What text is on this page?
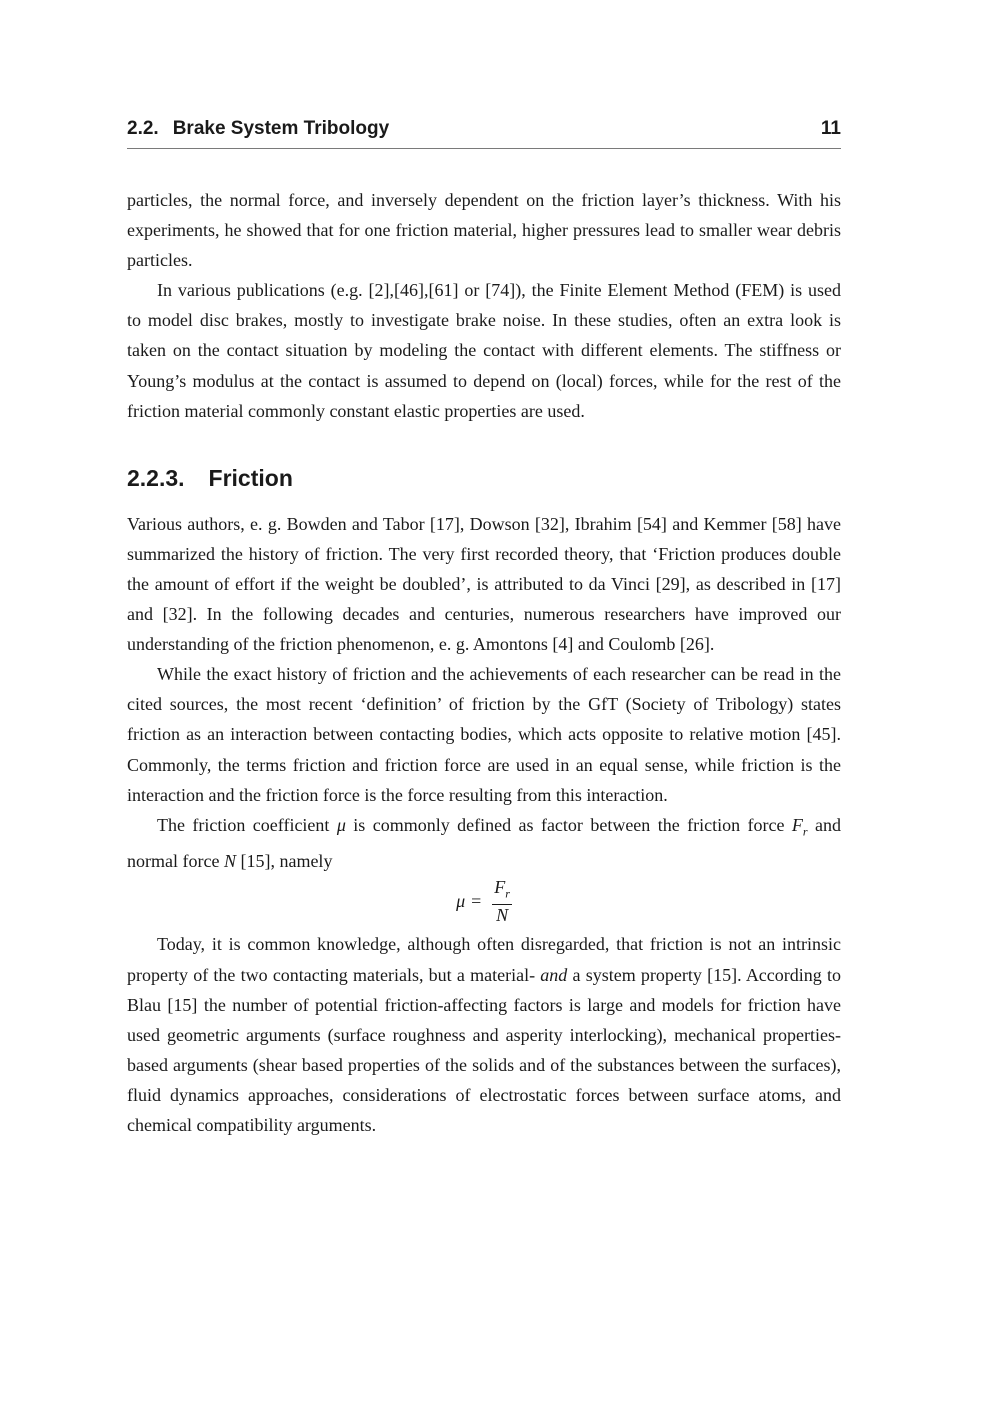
2.2. Brake System Tribology	11

particles, the normal force, and inversely dependent on the friction layer’s thickness. With his experiments, he showed that for one friction material, higher pressures lead to smaller wear debris particles.

In various publications (e.g. [2],[46],[61] or [74]), the Finite Element Method (FEM) is used to model disc brakes, mostly to investigate brake noise. In these studies, often an extra look is taken on the contact situation by modeling the contact with different elements. The stiffness or Young’s modulus at the contact is assumed to depend on (local) forces, while for the rest of the friction material commonly constant elastic properties are used.

2.2.3. Friction

Various authors, e. g. Bowden and Tabor [17], Dowson [32], Ibrahim [54] and Kemmer [58] have summarized the history of friction. The very first recorded theory, that ‘Friction produces double the amount of effort if the weight be doubled’, is attributed to da Vinci [29], as described in [17] and [32]. In the following decades and centuries, numerous researchers have improved our understanding of the friction phenomenon, e. g. Amontons [4] and Coulomb [26].

While the exact history of friction and the achievements of each researcher can be read in the cited sources, the most recent ‘definition’ of friction by the GfT (Society of Tribology) states friction as an interaction between contacting bodies, which acts opposite to relative motion [45]. Commonly, the terms friction and friction force are used in an equal sense, while friction is the interaction and the friction force is the force resulting from this interaction.

The friction coefficient μ is commonly defined as factor between the friction force $F_r$ and normal force N [15], namely

$\mu = \frac{F_r}{N}$

Today, it is common knowledge, although often disregarded, that friction is not an intrinsic property of the two contacting materials, but a material- and a system property [15]. According to Blau [15] the number of potential friction-affecting factors is large and models for friction have used geometric arguments (surface roughness and asperity interlocking), mechanical properties-based arguments (shear based properties of the solids and of the substances between the surfaces), fluid dynamics approaches, considerations of electrostatic forces between surface atoms, and chemical compatibility arguments.
